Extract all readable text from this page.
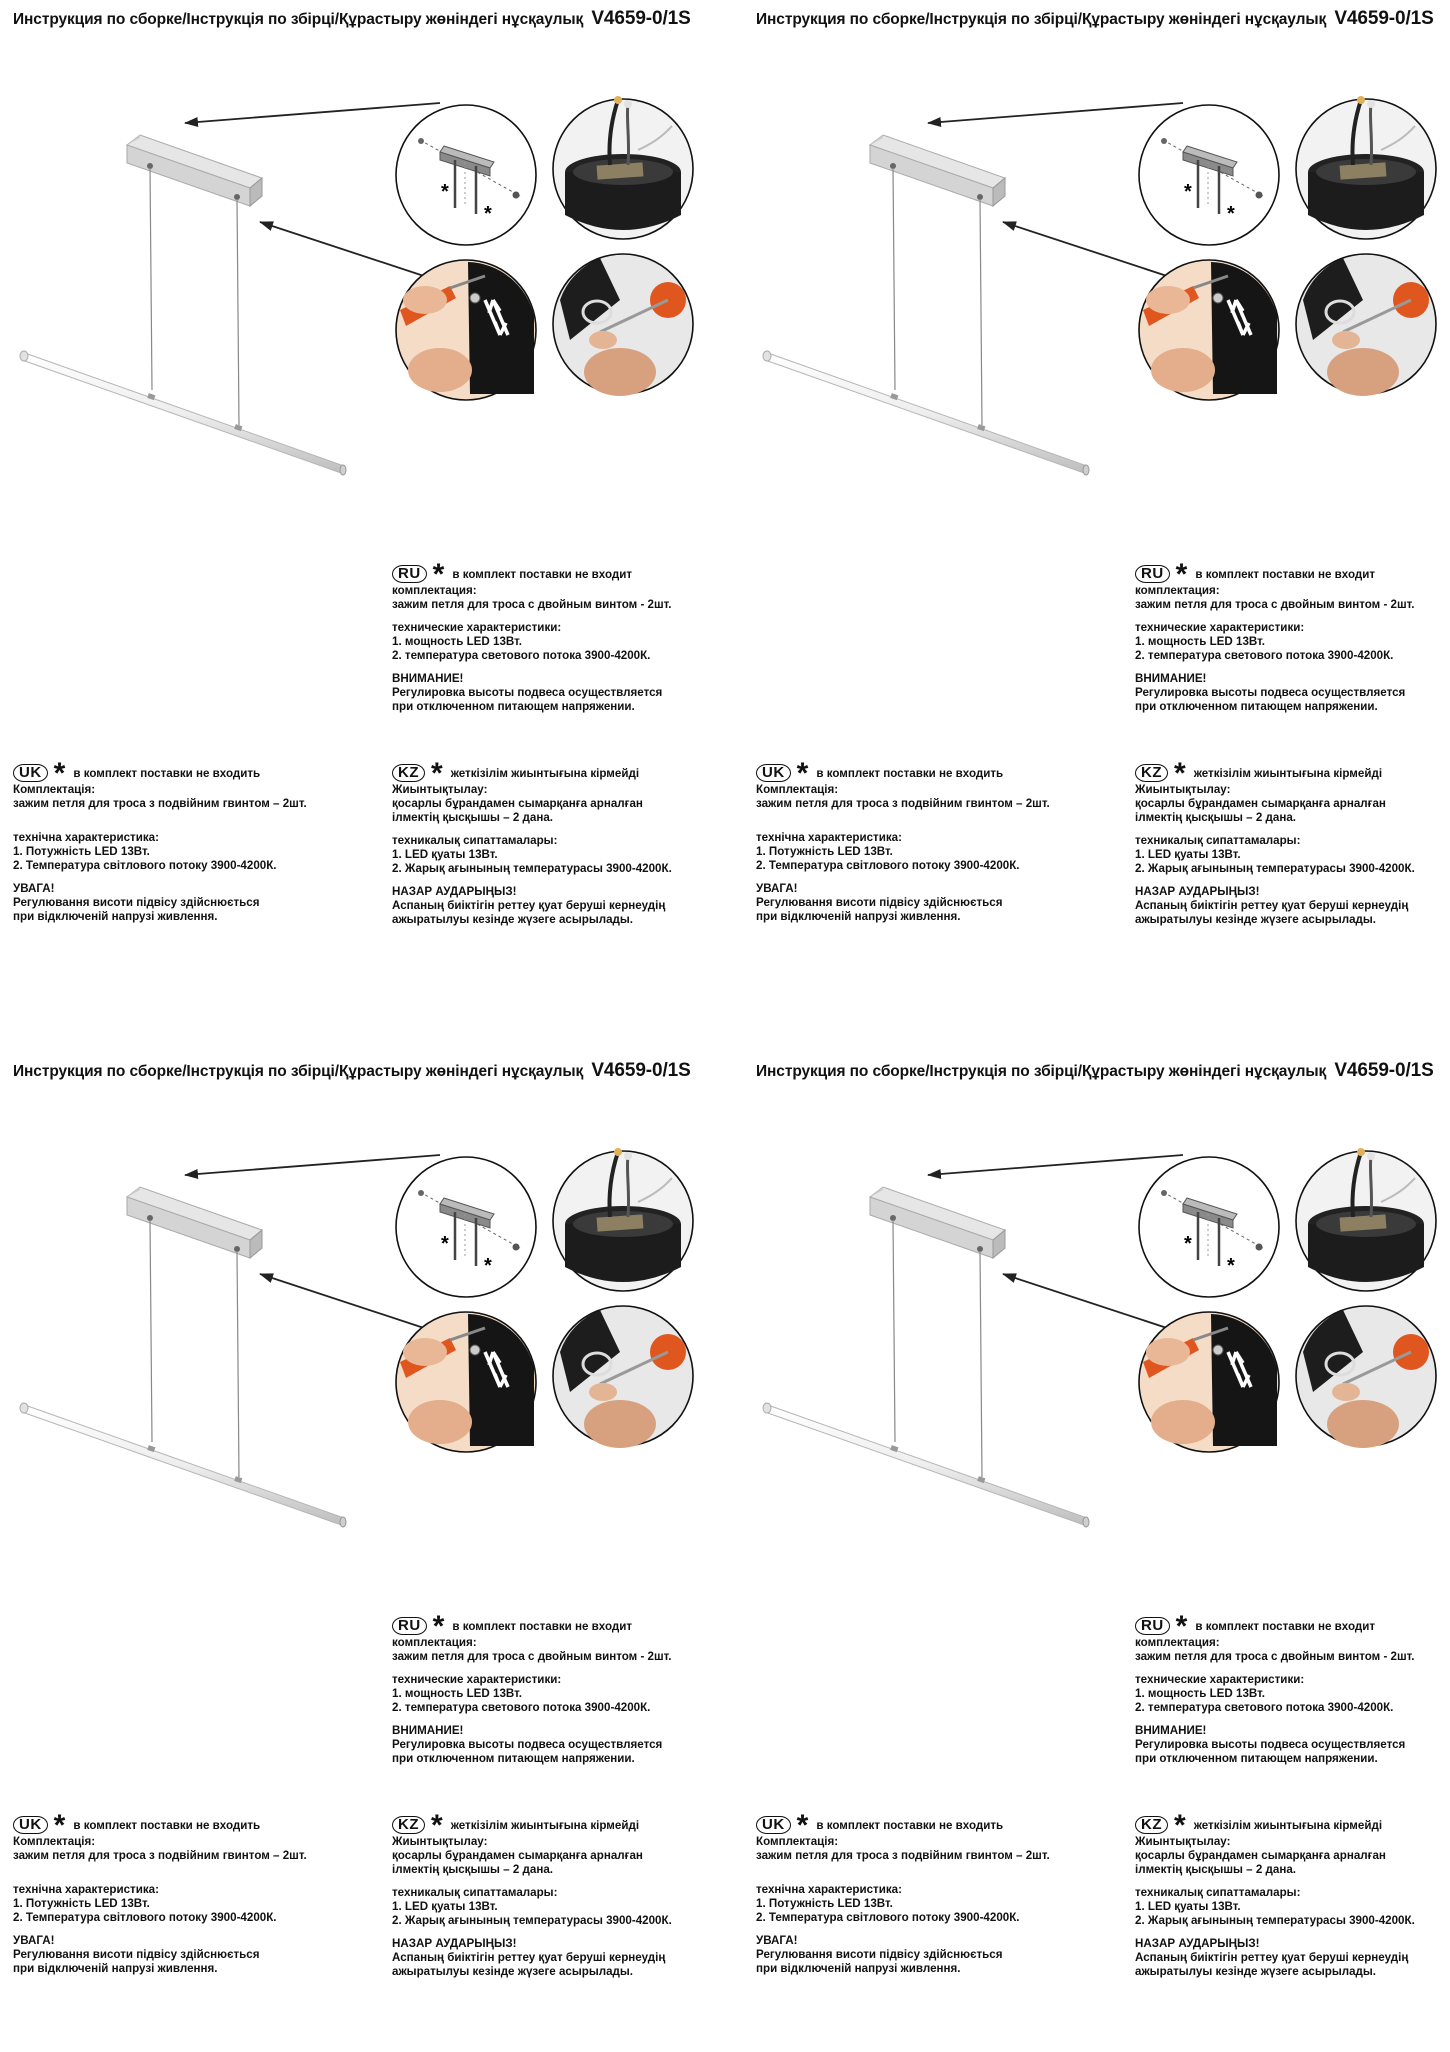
Инструкция по сборке/Інструкція по збірці/Құрастыру жөніндегі нұсқаулық V4659-0/1S
*
*
RU * в комплект поставки не входит

комплектация:

зажим петля для троса с двойным винтом - 2шт.

технические характеристики:

1. мощность LED 13Вт.

2. температура светового потока 3900-4200К.

ВНИМАНИЕ!

Регулировка высоты подвеса осуществляется

при отключенном питающем напряжении.

UK * в комплект поставки не входить

Комплектація:

зажим петля для троса з подвійним гвинтом – 2шт.

технічна характеристика:

1. Потужність LED 13Вт.

2. Температура світлового потоку 3900-4200К.

УВАГА!

Регулювання висоти підвісу здійснюється

при відключеній напрузі живлення.

KZ * жеткізілім жиынтығына кірмейді

Жиынтықтылау:

қосарлы бұрандамен сымарқанға арналған

ілмектің қысқышы – 2 дана.

техникалық сипаттамалары:

1. LED қуаты 13Вт.

2. Жарық ағынының температурасы 3900-4200К.

НАЗАР АУДАРЫҢЫЗ!

Аспаның биіктігін реттеу қуат беруші кернеудің

ажыратылуы кезінде жүзеге асырылады.

Инструкция по сборке/Інструкція по збірці/Құрастыру жөніндегі нұсқаулық V4659-0/1S
*
*
RU * в комплект поставки не входит

комплектация:

зажим петля для троса с двойным винтом - 2шт.

технические характеристики:

1. мощность LED 13Вт.

2. температура светового потока 3900-4200К.

ВНИМАНИЕ!

Регулировка высоты подвеса осуществляется

при отключенном питающем напряжении.

UK * в комплект поставки не входить

Комплектація:

зажим петля для троса з подвійним гвинтом – 2шт.

технічна характеристика:

1. Потужність LED 13Вт.

2. Температура світлового потоку 3900-4200К.

УВАГА!

Регулювання висоти підвісу здійснюється

при відключеній напрузі живлення.

KZ * жеткізілім жиынтығына кірмейді

Жиынтықтылау:

қосарлы бұрандамен сымарқанға арналған

ілмектің қысқышы – 2 дана.

техникалық сипаттамалары:

1. LED қуаты 13Вт.

2. Жарық ағынының температурасы 3900-4200К.

НАЗАР АУДАРЫҢЫЗ!

Аспаның биіктігін реттеу қуат беруші кернеудің

ажыратылуы кезінде жүзеге асырылады.

Инструкция по сборке/Інструкція по збірці/Құрастыру жөніндегі нұсқаулық V4659-0/1S
*
*
RU * в комплект поставки не входит

комплектация:

зажим петля для троса с двойным винтом - 2шт.

технические характеристики:

1. мощность LED 13Вт.

2. температура светового потока 3900-4200К.

ВНИМАНИЕ!

Регулировка высоты подвеса осуществляется

при отключенном питающем напряжении.

UK * в комплект поставки не входить

Комплектація:

зажим петля для троса з подвійним гвинтом – 2шт.

технічна характеристика:

1. Потужність LED 13Вт.

2. Температура світлового потоку 3900-4200К.

УВАГА!

Регулювання висоти підвісу здійснюється

при відключеній напрузі живлення.

KZ * жеткізілім жиынтығына кірмейді

Жиынтықтылау:

қосарлы бұрандамен сымарқанға арналған

ілмектің қысқышы – 2 дана.

техникалық сипаттамалары:

1. LED қуаты 13Вт.

2. Жарық ағынының температурасы 3900-4200К.

НАЗАР АУДАРЫҢЫЗ!

Аспаның биіктігін реттеу қуат беруші кернеудің

ажыратылуы кезінде жүзеге асырылады.

Инструкция по сборке/Інструкція по збірці/Құрастыру жөніндегі нұсқаулық V4659-0/1S
*
*
RU * в комплект поставки не входит

комплектация:

зажим петля для троса с двойным винтом - 2шт.

технические характеристики:

1. мощность LED 13Вт.

2. температура светового потока 3900-4200К.

ВНИМАНИЕ!

Регулировка высоты подвеса осуществляется

при отключенном питающем напряжении.

UK * в комплект поставки не входить

Комплектація:

зажим петля для троса з подвійним гвинтом – 2шт.

технічна характеристика:

1. Потужність LED 13Вт.

2. Температура світлового потоку 3900-4200К.

УВАГА!

Регулювання висоти підвісу здійснюється

при відключеній напрузі живлення.

KZ * жеткізілім жиынтығына кірмейді

Жиынтықтылау:

қосарлы бұрандамен сымарқанға арналған

ілмектің қысқышы – 2 дана.

техникалық сипаттамалары:

1. LED қуаты 13Вт.

2. Жарық ағынының температурасы 3900-4200К.

НАЗАР АУДАРЫҢЫЗ!

Аспаның биіктігін реттеу қуат беруші кернеудің

ажыратылуы кезінде жүзеге асырылады.
